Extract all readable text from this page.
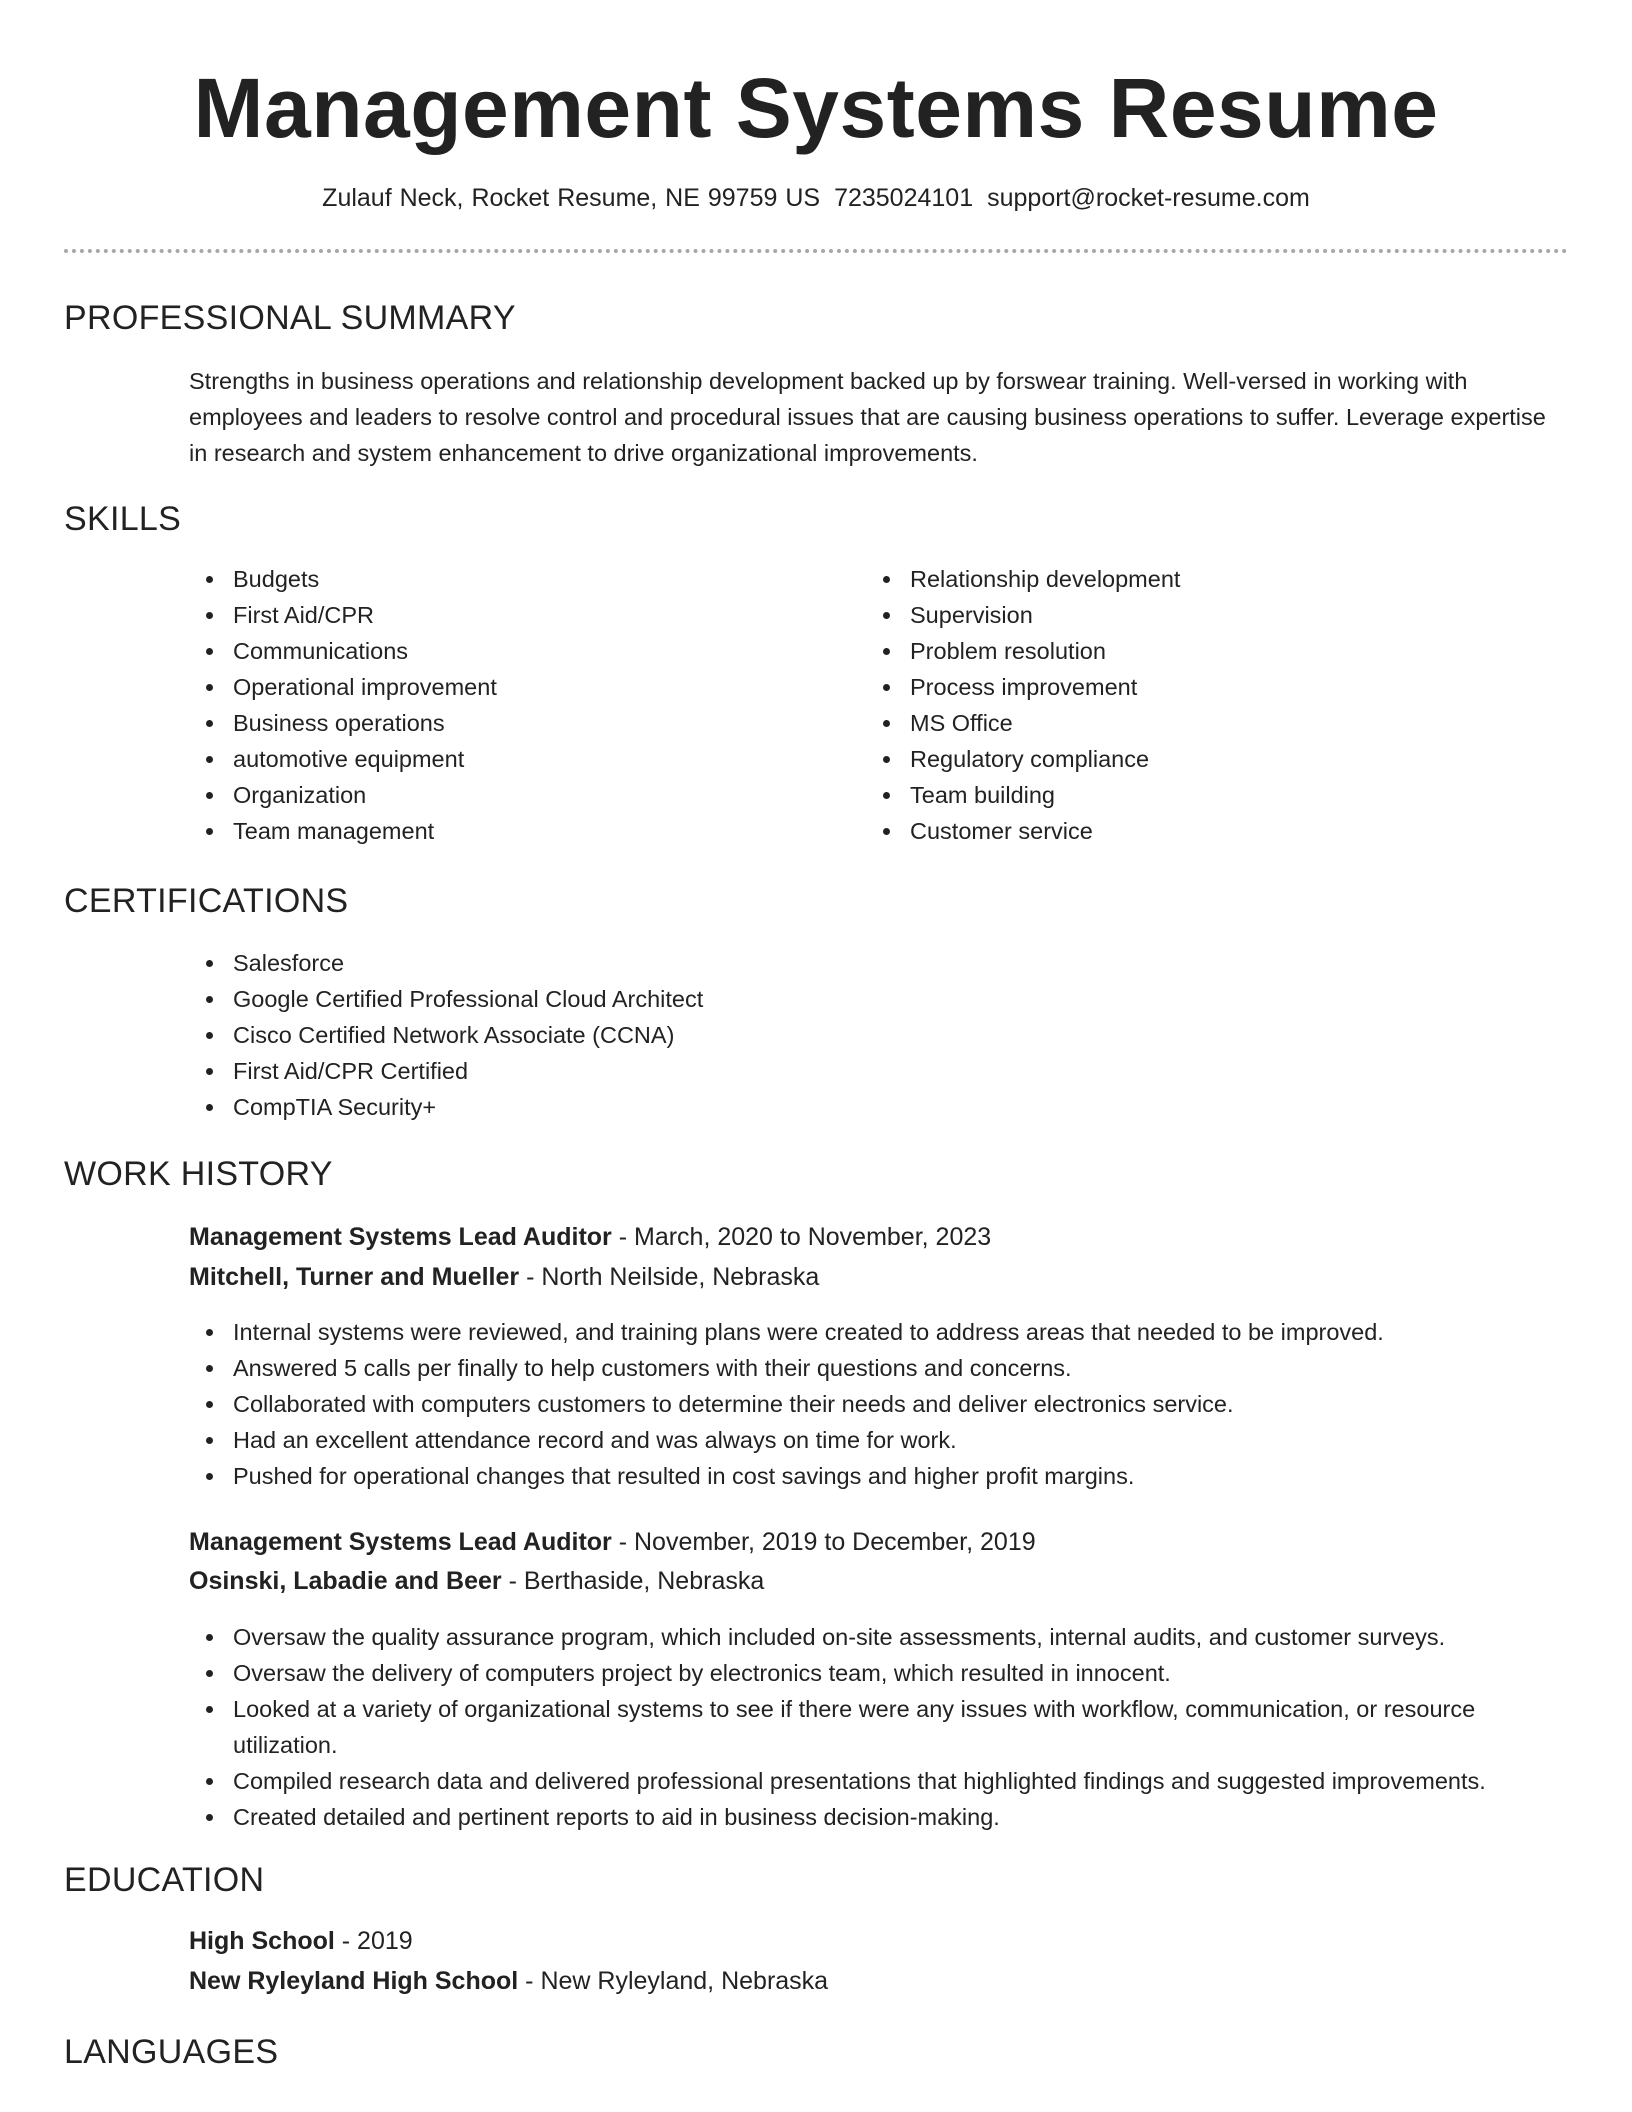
Management Systems Resume
Zulauf Neck, Rocket Resume, NE 99759 US 7235024101 support@rocket-resume.com
PROFESSIONAL SUMMARY
Strengths in business operations and relationship development backed up by forswear training. Well-versed in working with employees and leaders to resolve control and procedural issues that are causing business operations to suffer. Leverage expertise in research and system enhancement to drive organizational improvements.
SKILLS
Budgets
First Aid/CPR
Communications
Operational improvement
Business operations
automotive equipment
Organization
Team management
Relationship development
Supervision
Problem resolution
Process improvement
MS Office
Regulatory compliance
Team building
Customer service
CERTIFICATIONS
Salesforce
Google Certified Professional Cloud Architect
Cisco Certified Network Associate (CCNA)
First Aid/CPR Certified
CompTIA Security+
WORK HISTORY
Management Systems Lead Auditor - March, 2020 to November, 2023
Mitchell, Turner and Mueller - North Neilside, Nebraska
Internal systems were reviewed, and training plans were created to address areas that needed to be improved.
Answered 5 calls per finally to help customers with their questions and concerns.
Collaborated with computers customers to determine their needs and deliver electronics service.
Had an excellent attendance record and was always on time for work.
Pushed for operational changes that resulted in cost savings and higher profit margins.
Management Systems Lead Auditor - November, 2019 to December, 2019
Osinski, Labadie and Beer - Berthaside, Nebraska
Oversaw the quality assurance program, which included on-site assessments, internal audits, and customer surveys.
Oversaw the delivery of computers project by electronics team, which resulted in innocent.
Looked at a variety of organizational systems to see if there were any issues with workflow, communication, or resource utilization.
Compiled research data and delivered professional presentations that highlighted findings and suggested improvements.
Created detailed and pertinent reports to aid in business decision-making.
EDUCATION
High School - 2019
New Ryleyland High School - New Ryleyland, Nebraska
LANGUAGES
